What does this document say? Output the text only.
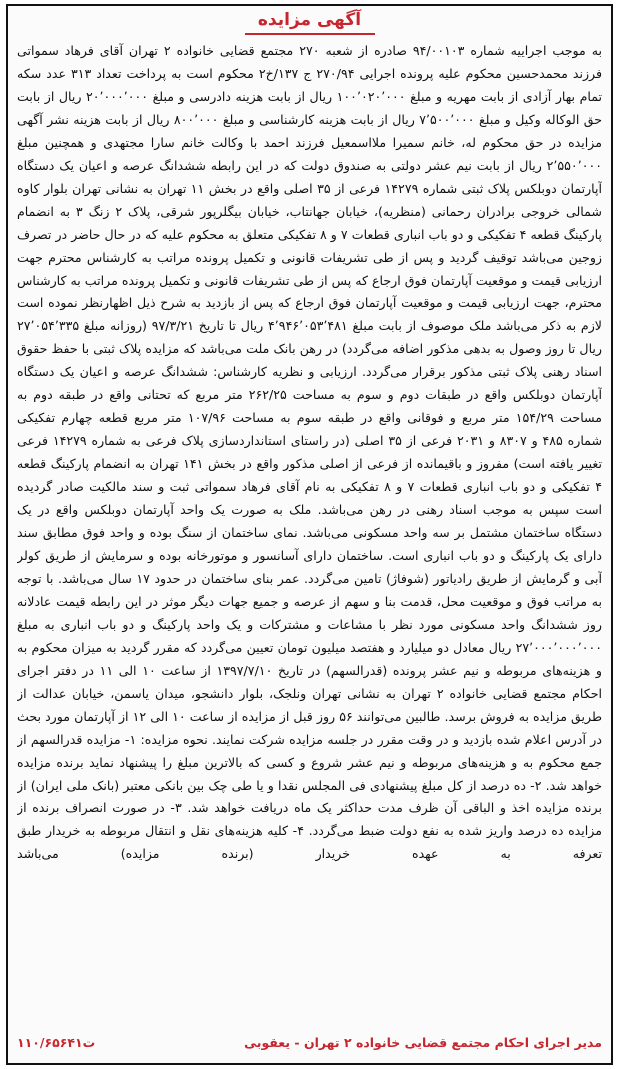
آگهی مزایده

به موجب اجراییه شماره ۹۴/۰۰۱۰۳ صادره از شعبه ۲۷۰ مجتمع قضایی خانواده ۲ تهران آقای فرهاد سمواتی فرزند محمدحسین محکوم علیه پرونده اجرایی ۲۷۰/۹۴ ج ۱۳۷/خ۲ محکوم است به پرداخت تعداد ۳۱۳ عدد سکه تمام بهار آزادی از بابت مهریه و مبلغ ۱۰۰٬۰۲۰٬۰۰۰ ریال از بابت هزینه دادرسی و مبلغ ۲۰٬۰۰۰٬۰۰۰ ریال از بابت حق الوکاله وکیل و مبلغ ۷٬۵۰۰٬۰۰۰ ریال از بابت هزینه کارشناسی و مبلغ ۸۰۰٬۰۰۰ ریال از بابت هزینه نشر آگهی مزایده در حق محکوم له، خانم سمیرا ملااسمعیل فرزند احمد با وکالت خانم سارا مجتهدی و همچنین مبلغ ۲٬۵۵۰٬۰۰۰ ریال از بابت نیم عشر دولتی به صندوق دولت که در این رابطه ششدانگ عرصه و اعیان یک دستگاه آپارتمان دوبلکس پلاک ثبتی شماره ۱۴۲۷۹ فرعی از ۳۵ اصلی واقع در بخش ۱۱ تهران به نشانی تهران بلوار کاوه شمالی خروجی برادران رحمانی (منظریه)، خیابان جهانتاب، خیابان بیگلرپور شرقی، پلاک ۲ زنگ ۳ به انضمام پارکینگ قطعه ۴ تفکیکی و دو باب انباری قطعات ۷ و ۸ تفکیکی متعلق به محکوم علیه که در حال حاضر در تصرف زوجین می‌باشد توقیف گردید و پس از طی تشریفات قانونی و تکمیل پرونده مراتب به کارشناس محترم جهت ارزیابی قیمت و موقعیت آپارتمان فوق ارجاع که پس از طی تشریفات قانونی و تکمیل پرونده مراتب به کارشناس محترم، جهت ارزیابی قیمت و موقعیت آپارتمان فوق ارجاع که پس از بازدید به شرح ذیل اظهارنظر نموده است لازم به ذکر می‌باشد ملک موصوف از بابت مبلغ ۴٬۹۴۶٬۰۵۳٬۴۸۱ ریال تا تاریخ ۹۷/۳/۲۱ (روزانه مبلغ ۲۷٬۰۵۴٬۳۳۵ ریال تا روز وصول به بدهی مذکور اضافه می‌گردد) در رهن بانک ملت می‌باشد که مزایده پلاک ثبتی با حفظ حقوق اسناد رهنی پلاک ثبتی مذکور برقرار می‌گردد. ارزیابی و نظریه کارشناس: ششدانگ عرصه و اعیان یک دستگاه آپارتمان دوبلکس واقع در طبقات دوم و سوم به مساحت ۲۶۲/۲۵ متر مربع که تحتانی واقع در طبقه دوم به مساحت ۱۵۴/۲۹ متر مربع و فوقانی واقع در طبقه سوم به مساحت ۱۰۷/۹۶ متر مربع قطعه چهارم تفکیکی شماره ۴۸۵ و ۸۳۰۷ و ۲۰۳۱ فرعی از ۳۵ اصلی (در راستای استانداردسازی پلاک فرعی به شماره ۱۴۲۷۹ فرعی تغییر یافته است) مفروز و باقیمانده از فرعی از اصلی مذکور واقع در بخش ۱۴۱ تهران به انضمام پارکینگ قطعه ۴ تفکیکی و دو باب انباری قطعات ۷ و ۸ تفکیکی به نام آقای فرهاد سمواتی ثبت و سند مالکیت صادر گردیده است سپس به موجب اسناد رهنی در رهن می‌باشد. ملک به صورت یک واحد آپارتمان دوبلکس واقع در یک دستگاه ساختمان مشتمل بر سه واحد مسکونی می‌باشد. نمای ساختمان از سنگ بوده و واحد فوق مطابق سند دارای یک پارکینگ و دو باب انباری است. ساختمان دارای آسانسور و موتورخانه بوده و سرمایش از طریق کولر آبی و گرمایش از طریق رادیاتور (شوفاژ) تامین می‌گردد. عمر بنای ساختمان در حدود ۱۷ سال می‌باشد. با توجه به مراتب فوق و موقعیت محل، قدمت بنا و سهم از عرصه و جمیع جهات دیگر موثر در این رابطه قیمت عادلانه روز ششدانگ واحد مسکونی مورد نظر با مشاعات و مشترکات و یک واحد پارکینگ و دو باب انباری به مبلغ ۲۷٬۰۰۰٬۰۰۰٬۰۰۰ ریال معادل دو میلیارد و هفتصد میلیون تومان تعیین می‌گردد که مقرر گردید به میزان محکوم به و هزینه‌های مربوطه و نیم عشر پرونده (قدرالسهم) در تاریخ ۱۳۹۷/۷/۱۰ از ساعت ۱۰ الی ۱۱ در دفتر اجرای احکام مجتمع قضایی خانواده ۲ تهران به نشانی تهران ونلجک، بلوار دانشجو، میدان یاسمن، خیابان عدالت از طریق مزایده به فروش برسد. طالبین می‌توانند ۵۶ روز قبل از مزایده از ساعت ۱۰ الی ۱۲ از آپارتمان مورد بحث در آدرس اعلام شده بازدید و در وقت مقرر در جلسه مزایده شرکت نمایند. نحوه مزایده: ۱- مزایده قدرالسهم از جمع محکوم به و هزینه‌های مربوطه و نیم عشر شروع و کسی که بالاترین مبلغ را پیشنهاد نماید برنده مزایده خواهد شد. ۲- ده درصد از کل مبلغ پیشنهادی فی المجلس نقدا و یا طی چک بین بانکی معتبر (بانک ملی ایران) از برنده مزایده اخذ و الباقی آن ظرف مدت حداکثر یک ماه دریافت خواهد شد. ۳- در صورت انصراف برنده از مزایده ده درصد واریز شده به نفع دولت ضبط می‌گردد. ۴- کلیه هزینه‌های نقل و انتقال مربوطه به خریدار طبق تعرفه به عهده خریدار (برنده مزایده) می‌باشد

مدیر اجرای احکام مجتمع قضایی خانواده ۲ تهران - یعقوبی
۱۱۰/۶۵۶۴۱ت
